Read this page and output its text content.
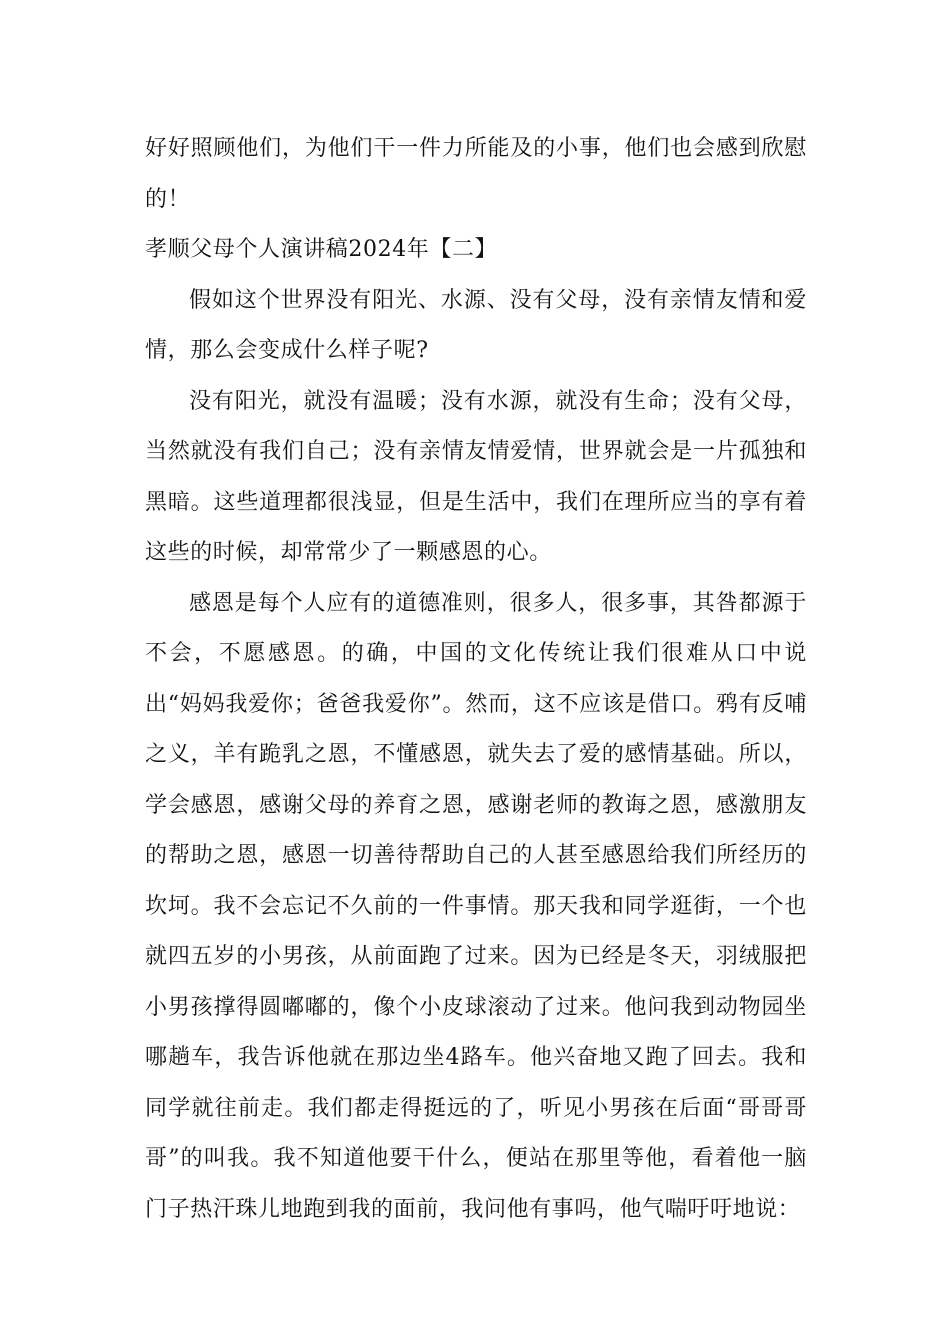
好好照顾他们，为他们干一件力所能及的小事，他们也会感到欣慰的！

孝顺父母个人演讲稿2024年【二】

假如这个世界没有阳光、水源、没有父母，没有亲情友情和爱情，那么会变成什么样子呢?

没有阳光，就没有温暖；没有水源，就没有生命；没有父母，当然就没有我们自己；没有亲情友情爱情，世界就会是一片孤独和黑暗。这些道理都很浅显，但是生活中，我们在理所应当的享有着这些的时候，却常常少了一颗感恩的心。

感恩是每个人应有的道德准则，很多人，很多事，其咎都源于不会，不愿感恩。的确，中国的文化传统让我们很难从口中说出“妈妈我爱你；爸爸我爱你”。然而，这不应该是借口。鸦有反哺之义，羊有跪乳之恩，不懂感恩，就失去了爱的感情基础。所以，学会感恩，感谢父母的养育之恩，感谢老师的教诲之恩，感激朋友的帮助之恩，感恩一切善待帮助自己的人甚至感恩给我们所经历的坎坷。我不会忘记不久前的一件事情。那天我和同学逛街，一个也就四五岁的小男孩，从前面跑了过来。因为已经是冬天，羽绒服把小男孩撑得圆嘟嘟的，像个小皮球滚动了过来。他问我到动物园坐哪趟车，我告诉他就在那边坐4路车。他兴奋地又跑了回去。我和同学就往前走。我们都走得挺远的了，听见小男孩在后面“哥哥哥哥”的叫我。我不知道他要干什么，便站在那里等他，看着他一脑门子热汗珠儿地跑到我的面前，我问他有事吗，他气喘吁吁地说：
